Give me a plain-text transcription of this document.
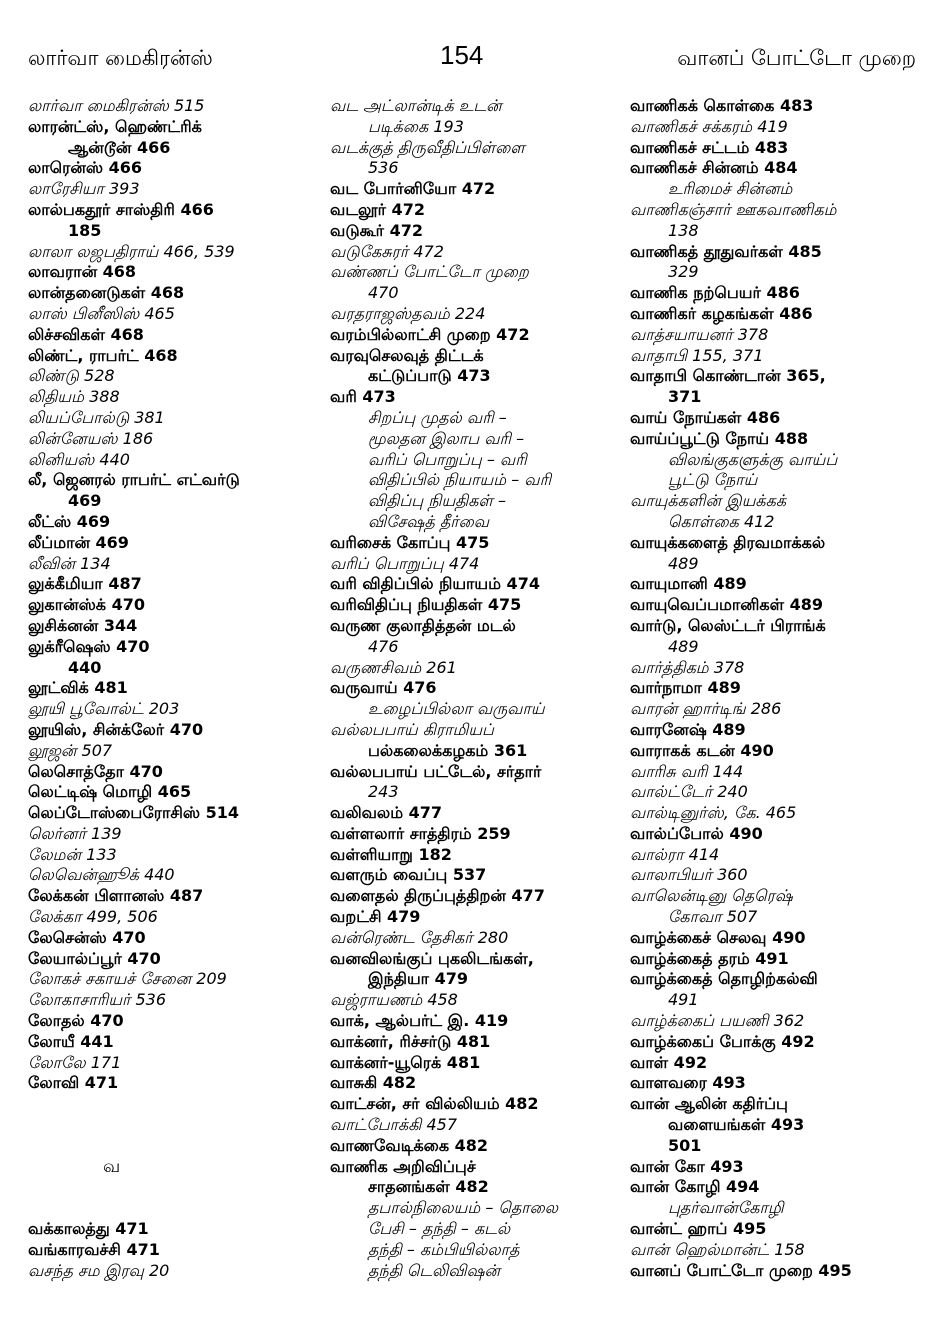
லார்வா மைகிரன்ஸ்	154	வானப் போட்டோ முறை
லார்வா மைகிரன்ஸ் 515
லாரன்ட்ஸ், ஹெண்ட்ரிக்
ஆன்டூன் 466
லாரென்ஸ் 466
லாரேசியா 393
லால்பகதூர் சாஸ்திரி 466
185
லாலா லஜபதிராய் 466, 539
லாவரான் 468
லான்தனைடுகள் 468
லாஸ் பினீஸிஸ் 465
லிச்சவிகள் 468
லிண்ட், ராபர்ட் 468
லிண்டு 528
லிதியம் 388
லியப்போல்டு 381
லின்னேயஸ் 186
லினியஸ் 440
லீ, ஜெனரல் ராபர்ட் எட்வர்டு
469
லீட்ஸ் 469
லீப்மான் 469
லீவின் 134
லுக்கீமியா 487
லுகான்ஸ்க் 470
லுசிக்னன் 344
லுக்ரீஷெஸ் 470
440
லூட்விக் 481
லூயி பூவோல்ட் 203
லூயிஸ், சின்க்லேர் 470
லூஜன் 507
லெசொத்தோ 470
லெட்டிஷ் மொழி 465
லெப்டோஸ்பைரோசிஸ் 514
லெர்னர் 139
லேமன் 133
லெவென்ஹூக் 440
லேக்கன் பிளானஸ் 487
லேக்கா 499, 506
லேசென்ஸ் 470
லேயால்ப்பூர் 470
லோகச் சகாயச் சேனை 209
லோகாசாரியர் 536
லோதல் 470
லோயீ 441
லோலே 171
லோவி 471
வ
வக்காலத்து 471
வங்காரவச்சி 471
வசந்த சம இரவு 20
வட அட்லான்டிக் உடன்
படிக்கை 193
வடக்குத் திருவீதிப்பிள்ளை
536
வட போர்னியோ 472
வடலூர் 472
வடுகூர் 472
வடுகேசுரர் 472
வண்ணப் போட்டோ முறை
470
வரதராஜஸ்தவம் 224
வரம்பில்லாட்சி முறை 472
வரவுசெலவுத் திட்டக்
கட்டுப்பாடு 473
வரி 473
சிறப்பு முதல் வரி –
மூலதன இலாப வரி –
வரிப் பொறுப்பு – வரி
விதிப்பில் நியாயம் – வரி
விதிப்பு நியதிகள் –
விசேஷத் தீர்வை
வரிசைக் கோப்பு 475
வரிப் பொறுப்பு 474
வரி விதிப்பில் நியாயம் 474
வரிவிதிப்பு நியதிகள் 475
வருண குலாதித்தன் மடல்
476
வருணசிவம் 261
வருவாய் 476
உழைப்பில்லா வருவாய்
வல்லபபாய் கிராமியப்
பல்கலைக்கழகம் 361
வல்லபபாய் பட்டேல், சர்தார்
243
வலிவலம் 477
வள்ளலார் சாத்திரம் 259
வள்ளியாறு 182
வளரும் வைப்பு 537
வளைதல் திருப்புத்திறன் 477
வறட்சி 479
வன்ரெண்ட தேசிகர் 280
வனவிலங்குப் புகலிடங்கள்,
இந்தியா 479
வஜ்ராயணம் 458
வாக், ஆல்பர்ட் இ. 419
வாக்னர், ரிச்சர்டு 481
வாக்னர்-யூரெக் 481
வாசுகி 482
வாட்சன், சர் வில்லியம் 482
வாட்போக்கி 457
வாணவேடிக்கை 482
வாணிக அறிவிப்புச்
சாதனங்கள் 482
தபால்நிலையம் – தொலை
பேசி – தந்தி – கடல்
தந்தி – கம்பியில்லாத்
தந்தி டெலிவிஷன்
வாணிகக் கொள்கை 483
வாணிகச் சக்கரம் 419
வாணிகச் சட்டம் 483
வாணிகச் சின்னம் 484
உரிமைச் சின்னம்
வாணிகஞ்சார் ஊகவாணிகம்
138
வாணிகத் தூதுவர்கள் 485
329
வாணிக நற்பெயர் 486
வாணிகர் கழகங்கள் 486
வாத்சயாயனர் 378
வாதாபி 155, 371
வாதாபி கொண்டான் 365,
371
வாய் நோய்கள் 486
வாய்ப்பூட்டு நோய் 488
விலங்குகளுக்கு வாய்ப்
பூட்டு நோய்
வாயுக்களின் இயக்கக்
கொள்கை 412
வாயுக்களைத் திரவமாக்கல்
489
வாயுமானி 489
வாயுவெப்பமானிகள் 489
வார்டு, லெஸ்ட்டர் பிராங்க்
489
வார்த்திகம் 378
வார்நாமா 489
வாரன் ஹார்டிங் 286
வாரனேஷ் 489
வாராகக் கடன் 490
வாரிசு வரி 144
வால்ட்டேர் 240
வால்டினுர்ஸ், கே. 465
வால்ப்போல் 490
வால்ரா 414
வாலாபியர் 360
வாலென்டினு தெரெஷ்
கோவா 507
வாழ்க்கைச் செலவு 490
வாழ்க்கைத் தரம் 491
வாழ்க்கைத் தொழிற்கல்வி
491
வாழ்க்கைப் பயணி 362
வாழ்க்கைப் போக்கு 492
வாள் 492
வாளவரை 493
வான் ஆலின் கதிர்ப்பு
வளையங்கள் 493
501
வான் கோ 493
வான் கோழி 494
புதர்வான்கோழி
வான்ட் ஹாப் 495
வான் ஹெல்மான்ட் 158
வானப் போட்டோ முறை 495
